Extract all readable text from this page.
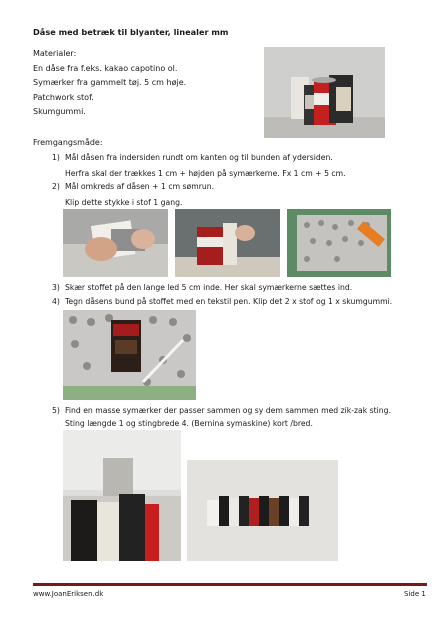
Dåse med betræk til blyanter, linealer mm
Materialer:
En dåse fra f.eks. kakao capotino ol.
Symærker fra gammelt tøj. 5 cm høje.
Patchwork stof.
Skumgummi.
Fremgangsmåde:
1) Mål dåsen fra indersiden rundt om kanten og til bunden af ydersiden.
Herfra skal der trækkes 1 cm + højden på symærkerne. Fx 1 cm + 5 cm.
2) Mål omkreds af dåsen + 1 cm sømrun.
Klip dette stykke i stof 1 gang.
3) Skær stoffet på den lange led 5 cm inde. Her skal symærkerne sættes ind.
4) Tegn dåsens bund på stoffet med en tekstil pen. Klip det 2 x stof og 1 x skumgummi.
5) Find en masse symærker der passer sammen og sy dem sammen med zik-zak sting.
Sting længde 1 og stingbrede 4. (Bernina symaskine) kort /bred.
www.JoanEriksen.dk	Side 1
